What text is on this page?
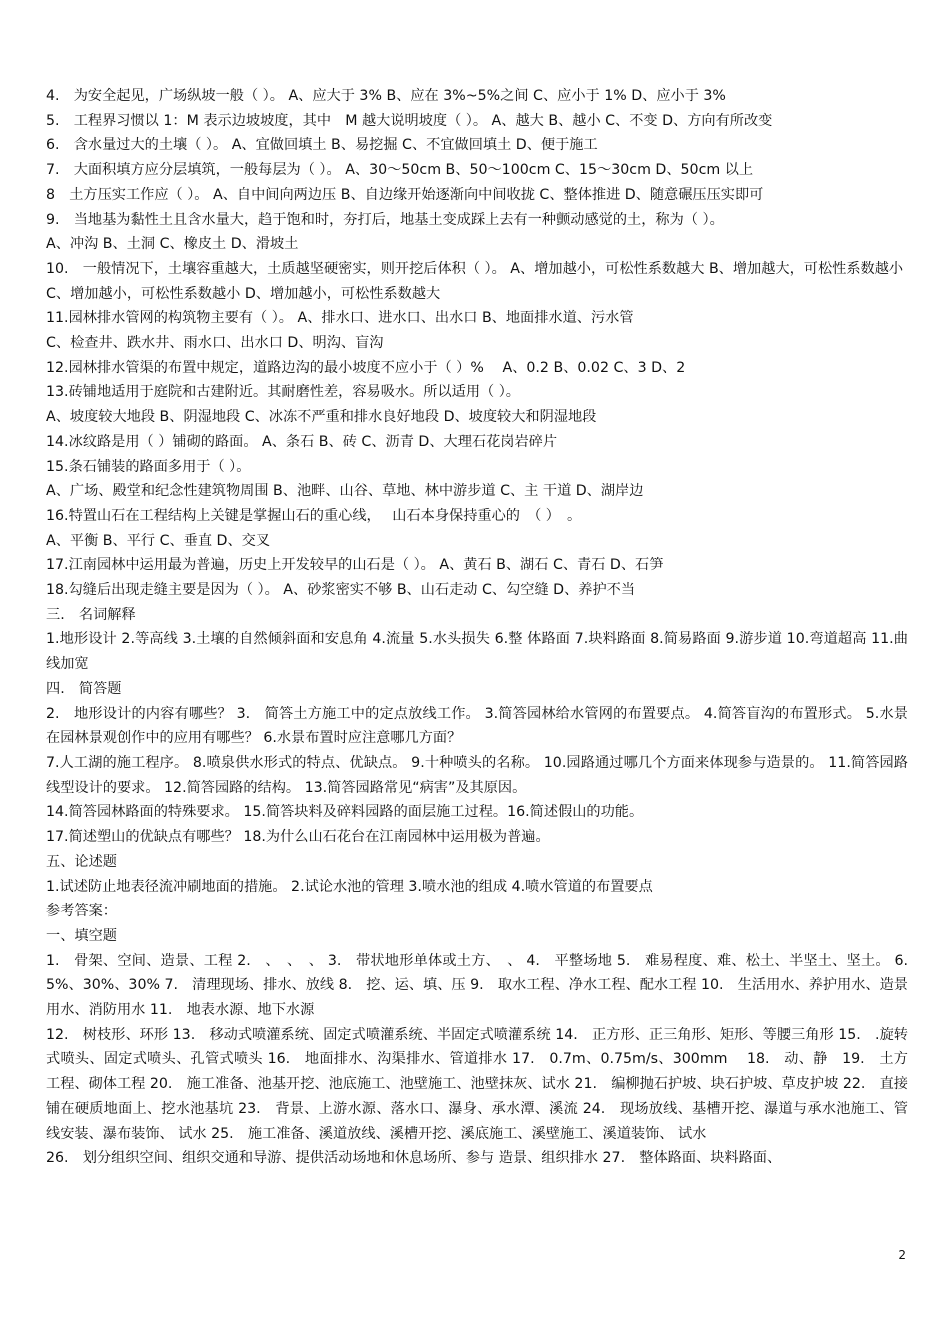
4.　为安全起见，广场纵坡一般（ ）。 A、应大于 3% B、应在 3%~5%之间 C、应小于 1% D、应小于 3%

5.　工程界习惯以 1：M 表示边坡坡度，其中　M 越大说明坡度（ ）。 A、越大 B、越小 C、不变 D、方向有所改变

6.　含水量过大的土壤（ ）。 A、宜做回填土 B、易挖掘 C、不宜做回填土 D、便于施工

7.　大面积填方应分层填筑，一般每层为（ ）。 A、30～50cm B、50～100cm C、15～30cm D、50cm 以上

8　土方压实工作应（ ）。 A、自中间向两边压 B、自边缘开始逐渐向中间收拢 C、整体推进 D、随意碾压压实即可

9.　当地基为黏性土且含水量大，趋于饱和时，夯打后，地基土变成踩上去有一种颤动感觉的土，称为（ ）。

A、冲沟 B、土洞 C、橡皮土 D、滑坡土

10.　一般情况下，土壤容重越大，土质越坚硬密实，则开挖后体积（ ）。 A、增加越小，可松性系数越大 B、增加越大，可松性系数越小

C、增加越小，可松性系数越小 D、增加越小，可松性系数越大

11.园林排水管网的构筑物主要有（ ）。 A、排水口、进水口、出水口 B、地面排水道、污水管

C、检查井、跌水井、雨水口、出水口 D、明沟、盲沟

12.园林排水管渠的布置中规定，道路边沟的最小坡度不应小于（ ）%　 A、0.2 B、0.02 C、3 D、2

13.砖铺地适用于庭院和古建附近。其耐磨性差，容易吸水。所以适用（ ）。

A、坡度较大地段 B、阴湿地段 C、冰冻不严重和排水良好地段 D、坡度较大和阴湿地段

14.冰纹路是用（ ）铺砌的路面。 A、条石 B、砖 C、沥青 D、大理石花岗岩碎片

15.条石铺装的路面多用于（ ）。

A、广场、殿堂和纪念性建筑物周围 B、池畔、山谷、草地、林中游步道 C、主 干道 D、湖岸边

16.特置山石在工程结构上关键是掌握山石的重心线，　 山石本身保持重心的　（ ）　。

A、平衡 B、平行 C、垂直 D、交叉

17.江南园林中运用最为普遍，历史上开发较早的山石是（ ）。 A、黄石 B、湖石 C、青石 D、石笋

18.勾缝后出现走缝主要是因为（ ）。 A、砂浆密实不够 B、山石走动 C、勾空缝 D、养护不当

三.　名词解释

1.地形设计 2.等高线 3.土壤的自然倾斜面和安息角 4.流量 5.水头损失 6.整 体路面 7.块料路面 8.简易路面 9.游步道 10.弯道超高 11.曲线加宽

四.　简答题

2.　地形设计的内容有哪些？ 3.　简答土方施工中的定点放线工作。 3.简答园林给水管网的布置要点。 4.简答盲沟的布置形式。 5.水景在园林景观创作中的应用有哪些？ 6.水景布置时应注意哪几方面？

7.人工湖的施工程序。 8.喷泉供水形式的特点、优缺点。 9.十种喷头的名称。 10.园路通过哪几个方面来体现参与造景的。 11.简答园路线型设计的要求。 12.简答园路的结构。 13.简答园路常见“病害”及其原因。

14.简答园林路面的特殊要求。 15.简答块料及碎料园路的面层施工过程。16.简述假山的功能。

17.简述塑山的优缺点有哪些？ 18.为什么山石花台在江南园林中运用极为普遍。

五、论述题

1.试述防止地表径流冲刷地面的措施。 2.试论水池的管理 3.喷水池的组成 4.喷水管道的布置要点

参考答案：

一、填空题

1.　骨架、空间、造景、工程 2.　、　、　、 3.　带状地形单体或土方、　、 4.　平整场地 5.　难易程度、难、松土、半坚土、坚土。 6.　5%、30%、30% 7.　清理现场、排水、放线 8.　挖、运、填、压 9.　取水工程、净水工程、配水工程 10.　生活用水、养护用水、造景用水、消防用水 11.　地表水源、地下水源

12.　树枝形、环形 13.　移动式喷灌系统、固定式喷灌系统、半固定式喷灌系统 14.　正方形、正三角形、矩形、等腰三角形 15.　.旋转式喷头、固定式喷头、孔管式喷头 16.　地面排水、沟渠排水、管道排水 17.　0.7m、0.75m/s、300mm　 18.　动、静　19.　土方工程、砌体工程 20.　施工准备、池基开挖、池底施工、池壁施工、池壁抹灰、试水 21.　编柳抛石护坡、块石护坡、草皮护坡 22.　直接铺在硬质地面上、挖水池基坑 23.　背景、上游水源、落水口、瀑身、承水潭、溪流 24.　现场放线、基槽开挖、瀑道与承水池施工、管线安装、瀑布装饰、 试水 25.　施工准备、溪道放线、溪槽开挖、溪底施工、溪壁施工、溪道装饰、 试水

26.　划分组织空间、组织交通和导游、提供活动场地和休息场所、参与 造景、组织排水 27.　整体路面、块料路面、

2
